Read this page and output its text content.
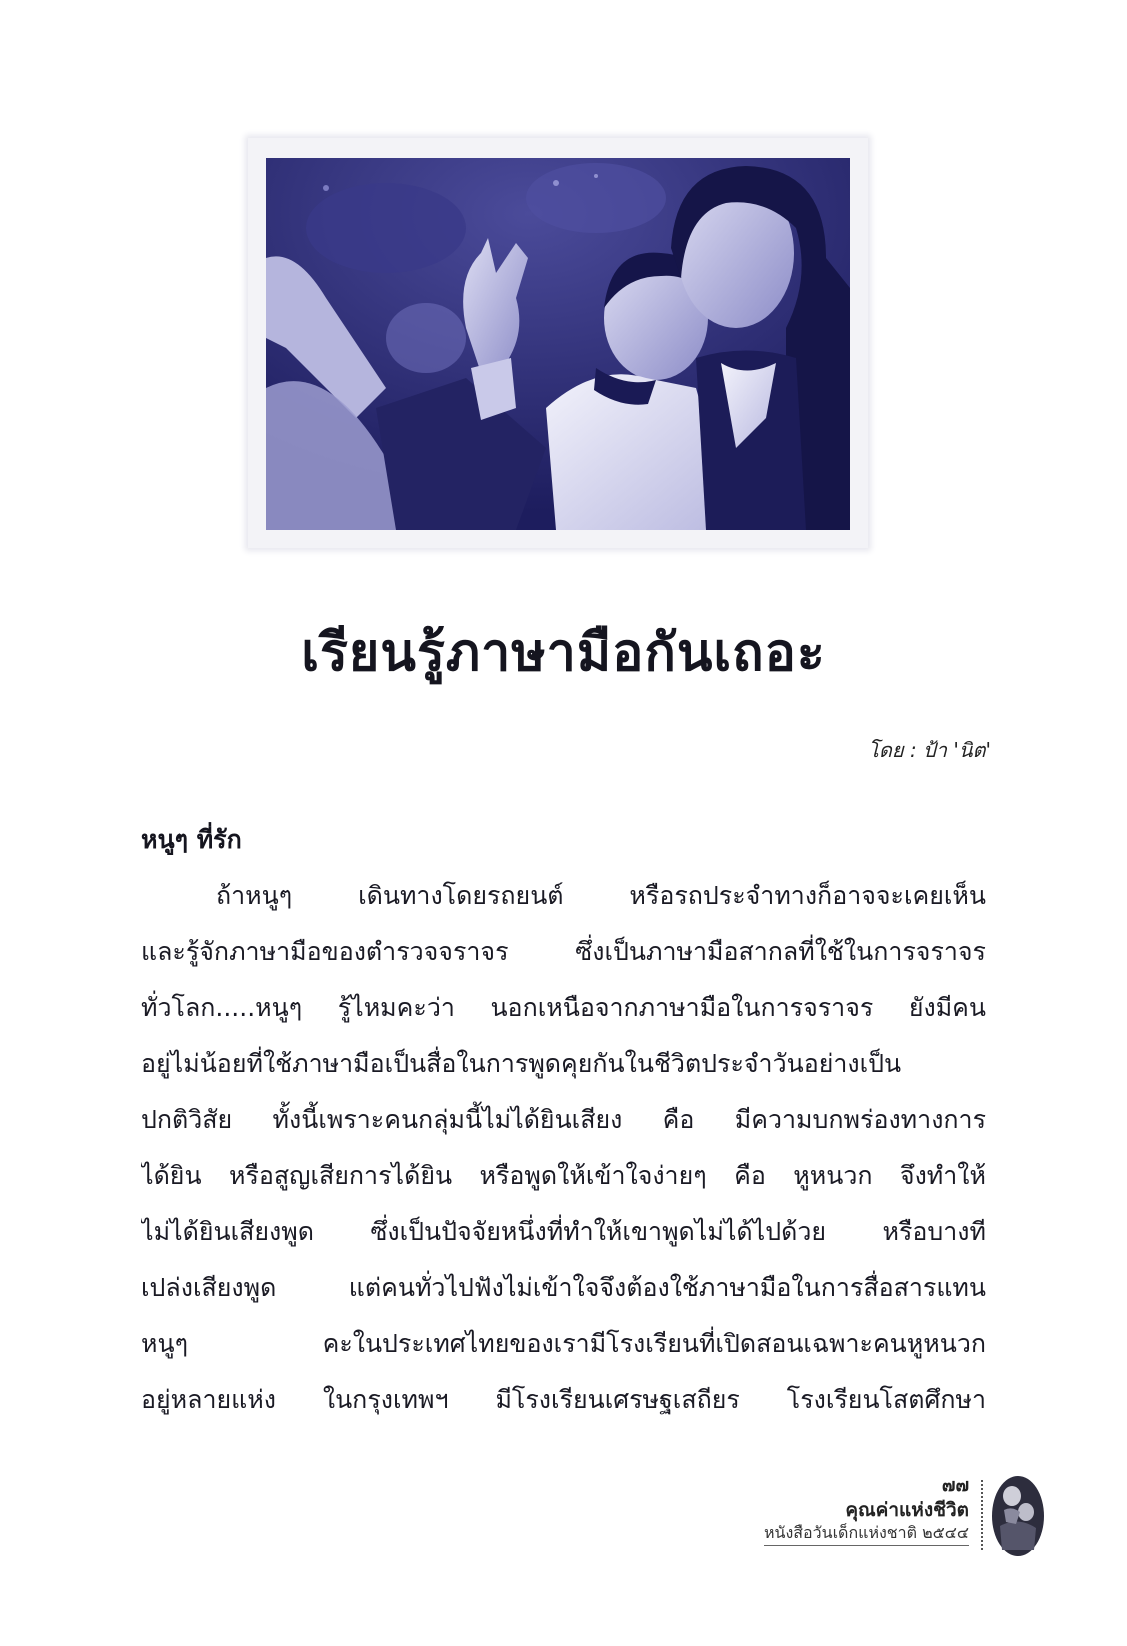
เรียนรู้ภาษามือกันเถอะ
โดย : ป้า 'นิต'
หนูๆ ที่รัก
ถ้าหนูๆ เดินทางโดยรถยนต์ หรือรถประจำทางก็อาจจะเคยเห็น
และรู้จักภาษามือของตำรวจจราจร ซึ่งเป็นภาษามือสากลที่ใช้ในการจราจร
ทั่วโลก.....หนูๆ รู้ไหมคะว่า นอกเหนือจากภาษามือในการจราจร ยังมีคน
อยู่ไม่น้อยที่ใช้ภาษามือเป็นสื่อในการพูดคุยกันในชีวิตประจำวันอย่างเป็น
ปกติวิสัย ทั้งนี้เพราะคนกลุ่มนี้ไม่ได้ยินเสียง คือ มีความบกพร่องทางการ
ได้ยิน หรือสูญเสียการได้ยิน หรือพูดให้เข้าใจง่ายๆ คือ หูหนวก จึงทำให้
ไม่ได้ยินเสียงพูด ซึ่งเป็นปัจจัยหนึ่งที่ทำให้เขาพูดไม่ได้ไปด้วย หรือบางที
เปล่งเสียงพูด แต่คนทั่วไปฟังไม่เข้าใจจึงต้องใช้ภาษามือในการสื่อสารแทน
หนูๆ คะในประเทศไทยของเรามีโรงเรียนที่เปิดสอนเฉพาะคนหูหนวก
อยู่หลายแห่ง ในกรุงเทพฯ มีโรงเรียนเศรษฐเสถียร โรงเรียนโสตศึกษา
๗๗
คุณค่าแห่งชีวิต
หนังสือวันเด็กแห่งชาติ ๒๕๔๔
